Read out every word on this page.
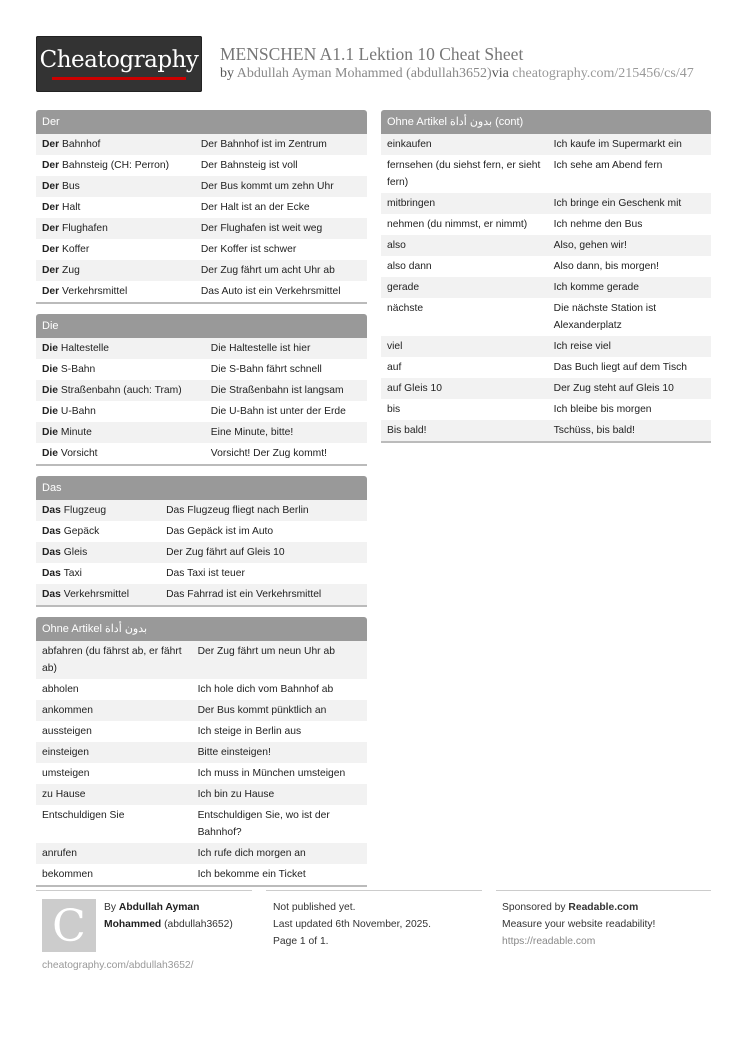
Cheatography MENSCHEN A1.1 Lektion 10 Cheat Sheet
by Abdullah Ayman Mohammed (abdullah3652)via cheatography.com/215456/cs/47
Der
Der Bahnhof	Der Bahnhof ist im Zentrum
Der Bahnsteig (CH: Perron)	Der Bahnsteig ist voll
Der Bus	Der Bus kommt um zehn Uhr
Der Halt	Der Halt ist an der Ecke
Der Flughafen	Der Flughafen ist weit weg
Der Koffer	Der Koffer ist schwer
Der Zug	Der Zug fährt um acht Uhr ab
Der Verkehrsmittel	Das Auto ist ein Verkehrsmittel
Die
Die Haltestelle	Die Haltestelle ist hier
Die S-Bahn	Die S-Bahn fährt schnell
Die Straßenbahn (auch: Tram)	Die Straßenbahn ist langsam
Die U-Bahn	Die U-Bahn ist unter der Erde
Die Minute	Eine Minute, bitte!
Die Vorsicht	Vorsicht! Der Zug kommt!
Das
Das Flugzeug	Das Flugzeug fliegt nach Berlin
Das Gepäck	Das Gepäck ist im Auto
Das Gleis	Der Zug fährt auf Gleis 10
Das Taxi	Das Taxi ist teuer
Das Verkehrsmittel	Das Fahrrad ist ein Verkehrsmittel
Ohne Artikel بدون أداة
abfahren (du fährst ab, er fährt ab)	Der Zug fährt um neun Uhr ab
abholen	Ich hole dich vom Bahnhof ab
ankommen	Der Bus kommt pünktlich an
aussteigen	Ich steige in Berlin aus
einsteigen	Bitte einsteigen!
umsteigen	Ich muss in München umsteigen
zu Hause	Ich bin zu Hause
Entschuldigen Sie	Entschuldigen Sie, wo ist der Bahnhof?
anrufen	Ich rufe dich morgen an
bekommen	Ich bekomme ein Ticket
Ohne Artikel بدون أداة (cont)
einkaufen	Ich kaufe im Supermarkt ein
fernsehen (du siehst fern, er sieht fern)	Ich sehe am Abend fern
mitbringen	Ich bringe ein Geschenk mit
nehmen (du nimmst, er nimmt)	Ich nehme den Bus
also	Also, gehen wir!
also dann	Also dann, bis morgen!
gerade	Ich komme gerade
nächste	Die nächste Station ist Alexanderplatz
viel	Ich reise viel
auf	Das Buch liegt auf dem Tisch
auf Gleis 10	Der Zug steht auf Gleis 10
bis	Ich bleibe bis morgen
Bis bald!	Tschüss, bis bald!
C	By Abdullah Ayman Mohammed (abdullah3652)
Not published yet.
Last updated 6th November, 2025.
Page 1 of 1.
Sponsored by Readable.com
Measure your website readability!
https://readable.com
cheatography.com/abdullah3652/
